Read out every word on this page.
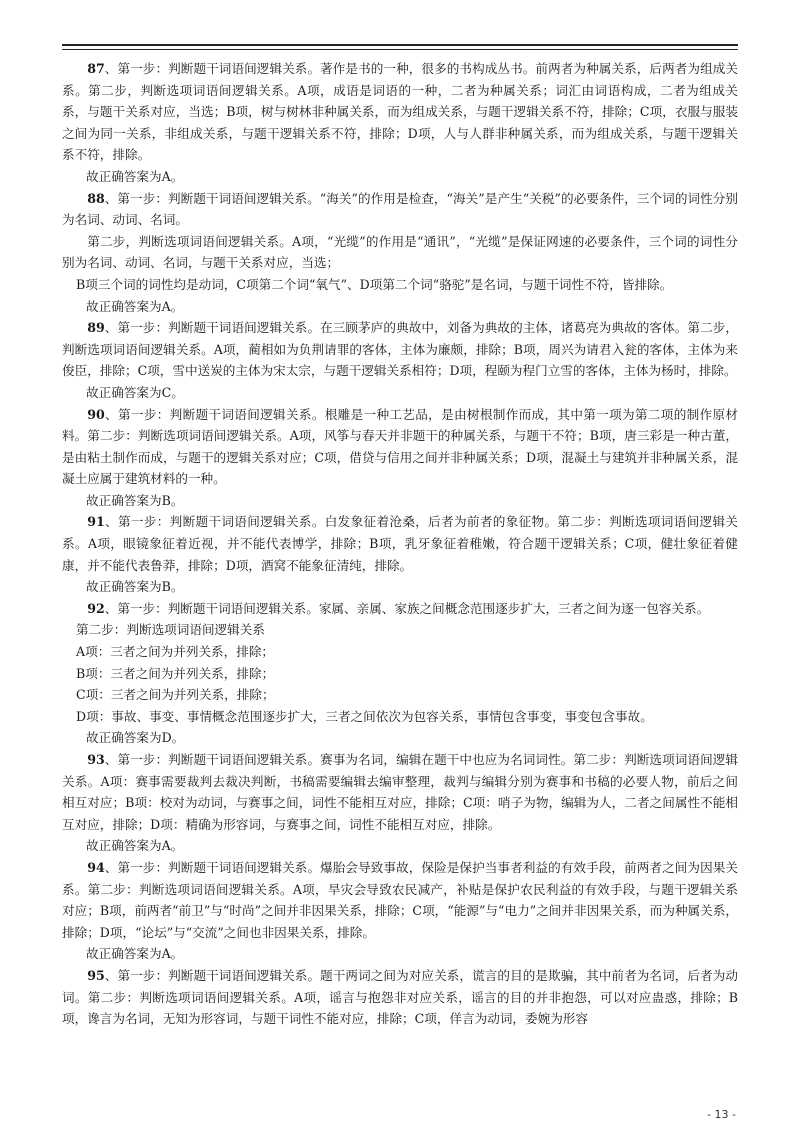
87、第一步：判断题干词语间逻辑关系。著作是书的一种，很多的书构成丛书。前两者为种属关系，后两者为组成关系。第二步，判断选项词语间逻辑关系。A项，成语是词语的一种，二者为种属关系；词汇由词语构成，二者为组成关系，与题干关系对应，当选；B项，树与树林非种属关系，而为组成关系，与题干逻辑关系不符，排除；C项，衣服与服装之间为同一关系，非组成关系，与题干逻辑关系不符，排除；D项，人与人群非种属关系，而为组成关系，与题干逻辑关系不符，排除。

故正确答案为A。

88、第一步：判断题干词语间逻辑关系。“海关”的作用是检查，“海关”是产生“关税”的必要条件，三个词的词性分别为名词、动词、名词。

第二步，判断选项词语间逻辑关系。A项，“光缆”的作用是“通讯”，“光缆”是保证网速的必要条件，三个词的词性分别为名词、动词、名词，与题干关系对应，当选；

B项三个词的词性均是动词，C项第二个词“氧气”、D项第二个词“骆驼”是名词，与题干词性不符，皆排除。

故正确答案为A。

89、第一步：判断题干词语间逻辑关系。在三顾茅庐的典故中，刘备为典故的主体，诸葛亮为典故的客体。第二步，判断选项词语间逻辑关系。A项，蔺相如为负荆请罪的客体，主体为廉颇，排除；B项，周兴为请君入瓮的客体，主体为来俊臣，排除；C项，雪中送炭的主体为宋太宗，与题干逻辑关系相符；D项，程颐为程门立雪的客体，主体为杨时，排除。

故正确答案为C。

90、第一步：判断题干词语间逻辑关系。根雕是一种工艺品，是由树根制作而成，其中第一项为第二项的制作原材料。第二步：判断选项词语间逻辑关系。A项，风筝与春天并非题干的种属关系，与题干不符；B项，唐三彩是一种古董，是由粘土制作而成，与题干的逻辑关系对应；C项，借贷与信用之间并非种属关系；D项，混凝土与建筑并非种属关系，混凝土应属于建筑材料的一种。

故正确答案为B。

91、第一步：判断题干词语间逻辑关系。白发象征着沧桑，后者为前者的象征物。第二步：判断选项词语间逻辑关系。A项，眼镜象征着近视，并不能代表博学，排除；B项，乳牙象征着稚嫩，符合题干逻辑关系；C项，健壮象征着健康，并不能代表鲁莽，排除；D项，酒窝不能象征清纯，排除。

故正确答案为B。

92、第一步：判断题干词语间逻辑关系。家属、亲属、家族之间概念范围逐步扩大，三者之间为逐一包容关系。

第二步：判断选项词语间逻辑关系

A项：三者之间为并列关系，排除；

B项：三者之间为并列关系，排除；

C项：三者之间为并列关系，排除；

D项：事故、事变、事情概念范围逐步扩大，三者之间依次为包容关系，事情包含事变，事变包含事故。

故正确答案为D。

93、第一步：判断题干词语间逻辑关系。赛事为名词，编辑在题干中也应为名词词性。第二步：判断选项词语间逻辑关系。A项：赛事需要裁判去裁决判断，书稿需要编辑去编审整理，裁判与编辑分别为赛事和书稿的必要人物，前后之间相互对应；B项：校对为动词，与赛事之间，词性不能相互对应，排除；C项：哨子为物，编辑为人，二者之间属性不能相互对应，排除；D项：精确为形容词，与赛事之间，词性不能相互对应，排除。

故正确答案为A。

94、第一步：判断题干词语间逻辑关系。爆胎会导致事故，保险是保护当事者利益的有效手段，前两者之间为因果关系。第二步：判断选项词语间逻辑关系。A项，旱灾会导致农民减产，补贴是保护农民利益的有效手段，与题干逻辑关系对应；B项，前两者“前卫”与“时尚”之间并非因果关系，排除；C项，“能源”与“电力”之间并非因果关系，而为种属关系，排除；D项，“论坛”与“交流”之间也非因果关系，排除。

故正确答案为A。

95、第一步：判断题干词语间逻辑关系。题干两词之间为对应关系，谎言的目的是欺骗，其中前者为名词，后者为动词。第二步：判断选项词语间逻辑关系。A项，谣言与抱怨非对应关系，谣言的目的并非抱怨，可以对应蛊惑，排除；B项，谗言为名词，无知为形容词，与题干词性不能对应，排除；C项，佯言为动词，委婉为形容

- 13 -
